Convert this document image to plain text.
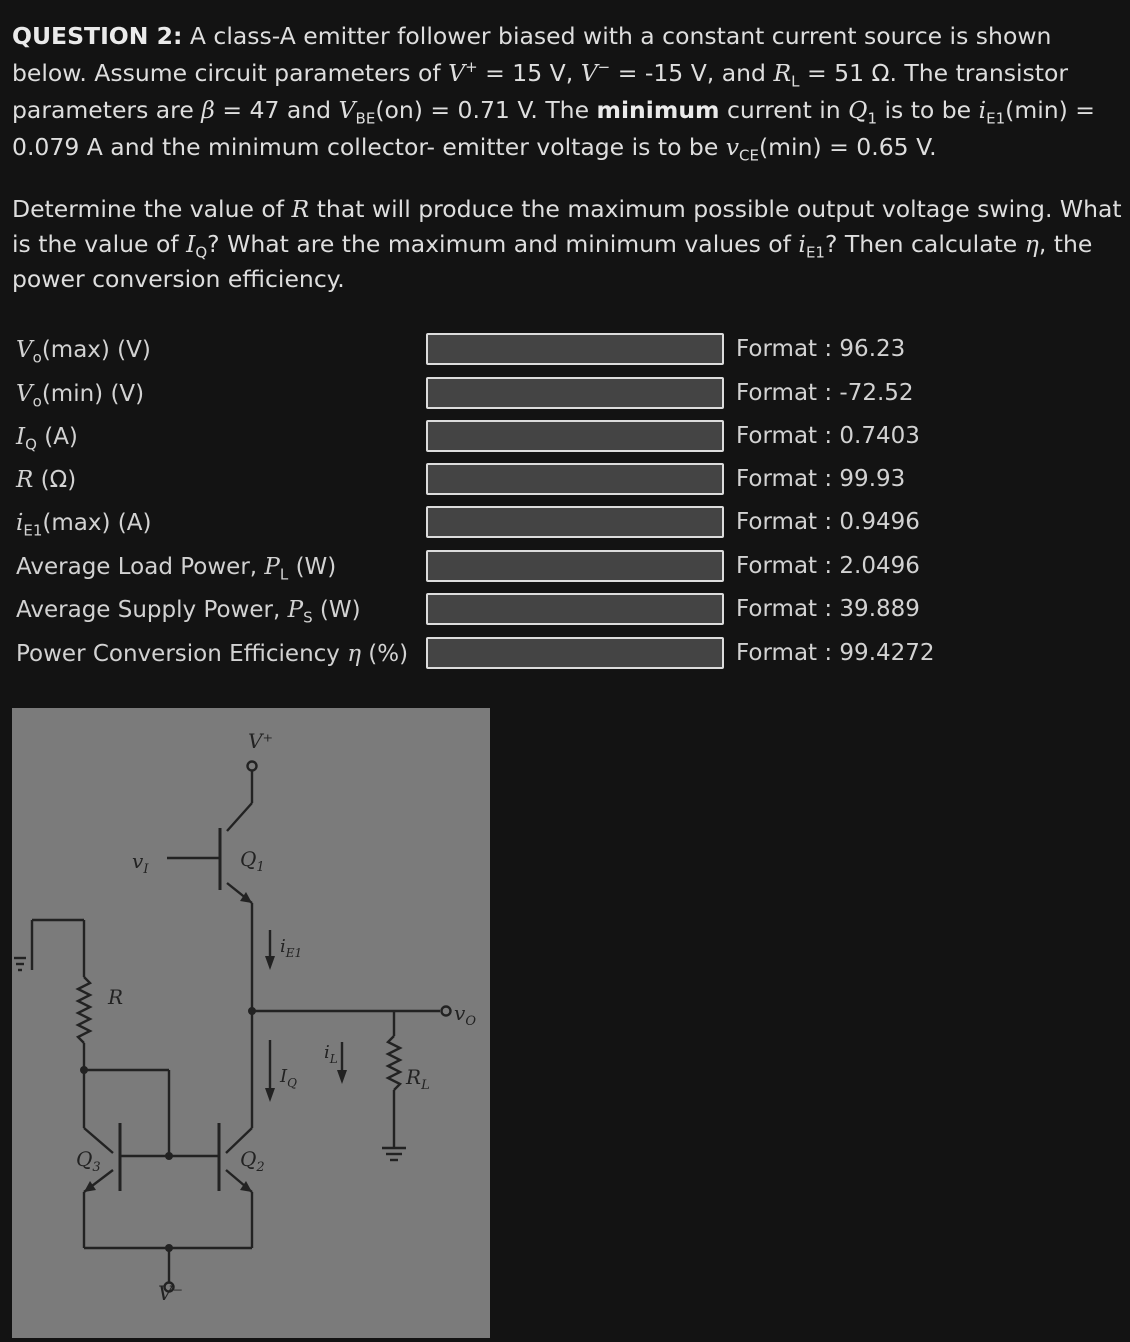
QUESTION 2: A class-A emitter follower biased with a constant current source is shown below. Assume circuit parameters of V+ = 15 V, V− = -15 V, and $R_L = 51$ Ω. The transistor parameters are β = 47 and $V_{BE}(on) = 0.71$ V. The minimum current in $Q_1$ is to be $i_{E1}(\min) = 0.079$ A and the minimum collector- emitter voltage is to be $v_{CE}(\min) = 0.65$ V.
Determine the value of R that will produce the maximum possible output voltage swing. What is the value of $I_Q$? What are the maximum and minimum values of $i_{E1}$? Then calculate η, the power conversion efficiency.
$V_o(\max)$ (V)	Format : 96.23
$V_o(\min)$ (V)	Format : -72.52
$I_Q$ (A)	Format : 0.7403
R (Ω)	Format : 99.93
$i_{E1}(\max)$ (A)	Format : 0.9496
Average Load Power, $P_L$ (W)	Format : 2.0496
Average Supply Power, $P_S$ (W)	Format : 39.889
Power Conversion Efficiency η (%)	Format : 99.4272
V⁺
V⁻
$v_I$	$Q_1$
$Q_2$
$Q_3$
R
$R_L$
$i_{E1}$
$I_Q$
$i_L$
$v_O$
